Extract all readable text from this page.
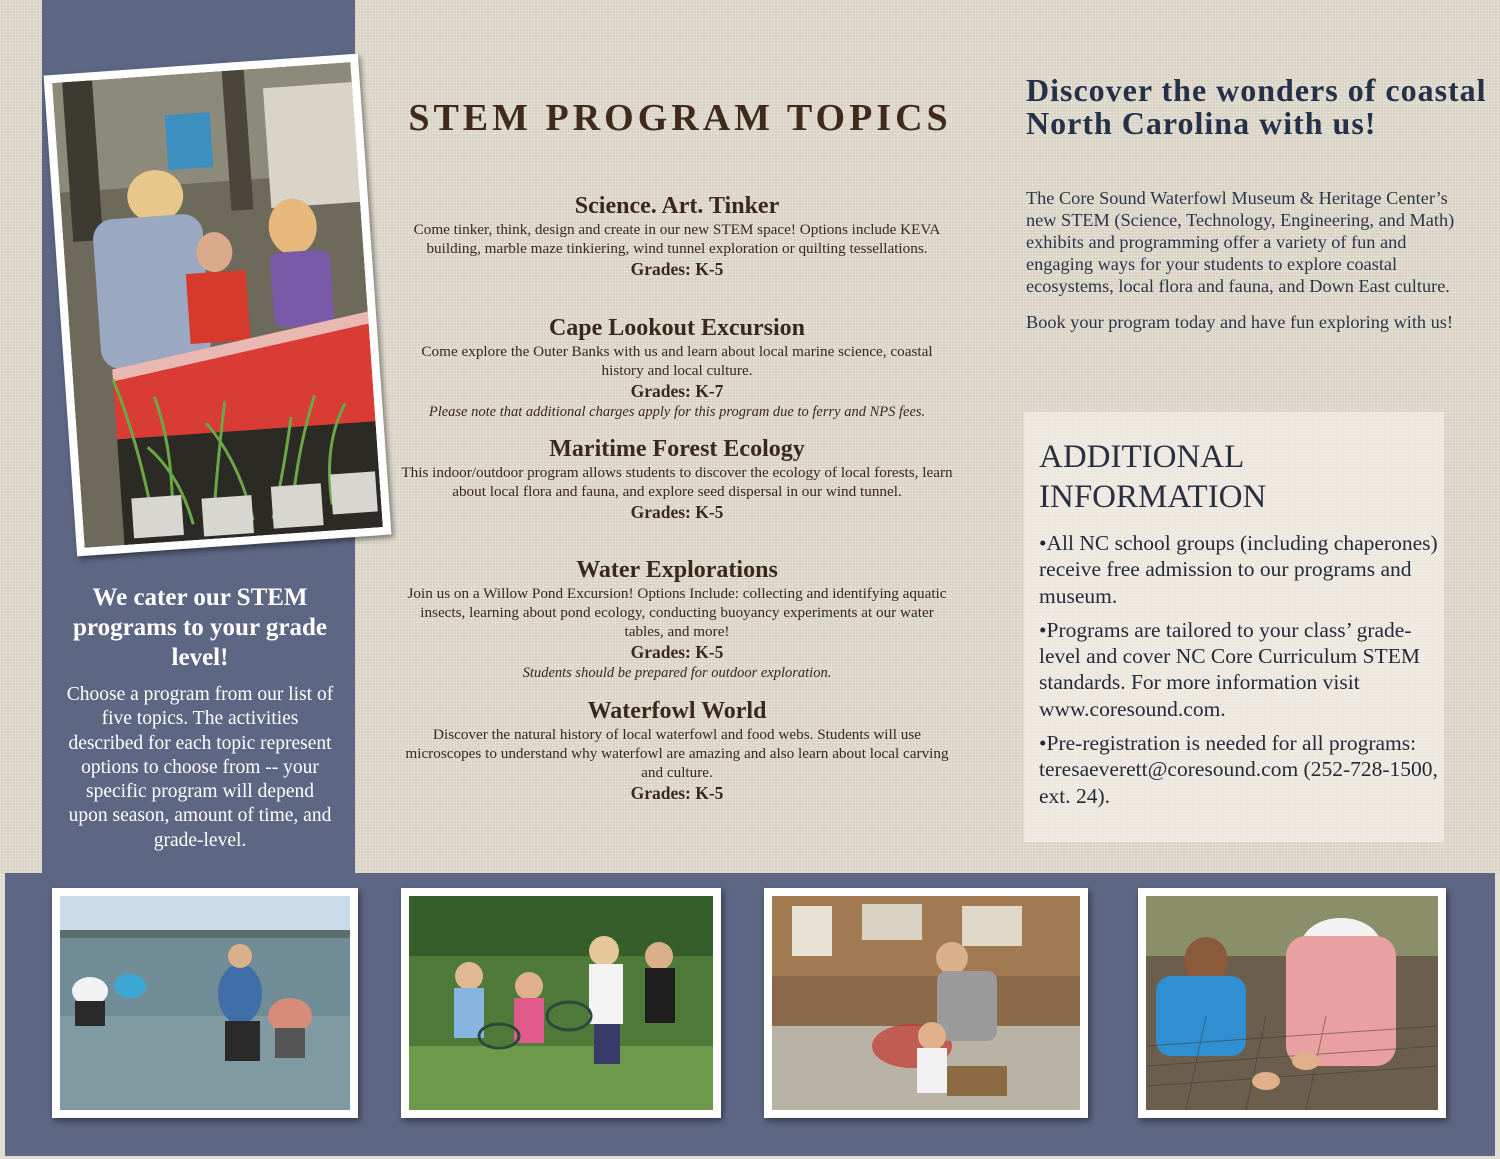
We cater our STEM programs to your grade level!
Choose a program from our list of five topics. The activities described for each topic represent options to choose from -- your specific program will depend upon season, amount of time, and grade-level.
STEM PROGRAM TOPICS
Science. Art. Tinker

Come tinker, think, design and create in our new STEM space! Options include KEVA building, marble maze tinkiering, wind tunnel exploration or quilting tessellations.

Grades: K-5

Cape Lookout Excursion

Come explore the Outer Banks with us and learn about local marine science, coastal history and local culture.

Grades: K-7

Please note that additional charges apply for this program due to ferry and NPS fees.

Maritime Forest Ecology

This indoor/outdoor program allows students to discover the ecology of local forests, learn about local flora and fauna, and explore seed dispersal in our wind tunnel.

Grades: K-5

Water Explorations

Join us on a Willow Pond Excursion! Options Include: collecting and identifying aquatic insects, learning about pond ecology, conducting buoyancy experiments at our water tables, and more!

Grades: K-5

Students should be prepared for outdoor exploration.

Waterfowl World

Discover the natural history of local waterfowl and food webs. Students will use microscopes to understand why waterfowl are amazing and also learn about local carving and culture.

Grades: K-5

Discover the wonders of coastal North Carolina with us!

The Core Sound Waterfowl Museum & Heritage Center’s new STEM (Science, Technology, Engineering, and Math) exhibits and programming offer a variety of fun and engaging ways for your students to explore coastal ecosystems, local flora and fauna, and Down East culture.

Book your program today and have fun exploring with us!

ADDITIONAL INFORMATION

•All NC school groups (including chaperones) receive free admission to our programs and museum.

•Programs are tailored to your class’ grade-level and cover NC Core Curriculum STEM standards. For more information visit www.coresound.com.

•Pre-registration is needed for all programs: teresaeverett@coresound.com (252-728-1500, ext. 24).
